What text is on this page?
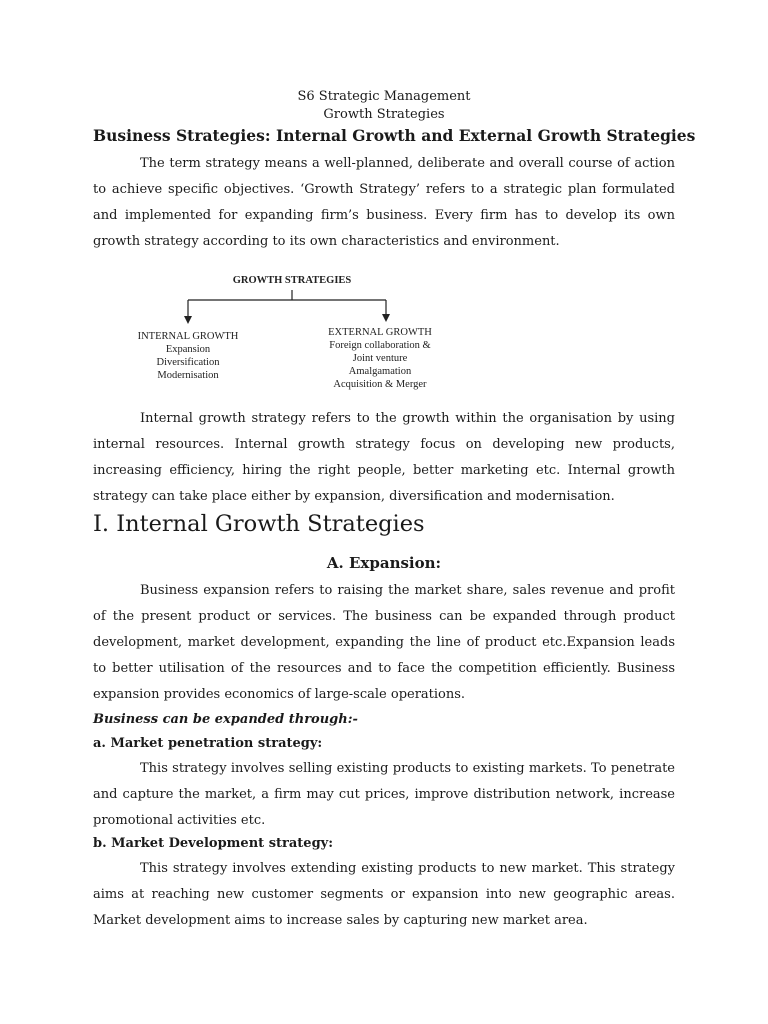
S6 Strategic Management
Growth Strategies
Business Strategies: Internal Growth and External Growth Strategies

The term strategy means a well-planned, deliberate and overall course of action to achieve specific objectives. ‘Growth Strategy’ refers to a strategic plan formulated and implemented for expanding firm’s business. Every firm has to develop its own growth strategy according to its own characteristics and environment.

GROWTH STRATEGIES
INTERNAL GROWTH
Expansion
Diversification
Modernisation
EXTERNAL GROWTH
Foreign collaboration &
Joint venture
Amalgamation
Acquisition & Merger

Internal growth strategy refers to the growth within the organisation by using internal resources. Internal growth strategy focus on developing new products, increasing efficiency, hiring the right people, better marketing etc. Internal growth strategy can take place either by expansion, diversification and modernisation.

I. Internal Growth Strategies
A. Expansion:

Business expansion refers to raising the market share, sales revenue and profit of the present product or services. The business can be expanded through product development, market development, expanding the line of product etc.Expansion leads to better utilisation of the resources and to face the competition efficiently. Business expansion provides economics of large-scale operations.

Business can be expanded through:-
a. Market penetration strategy:

This strategy involves selling existing products to existing markets. To penetrate and capture the market, a firm may cut prices, improve distribution network, increase promotional activities etc.

b. Market Development strategy:

This strategy involves extending existing products to new market. This strategy aims at reaching new customer segments or expansion into new geographic areas. Market development aims to increase sales by capturing new market area.
